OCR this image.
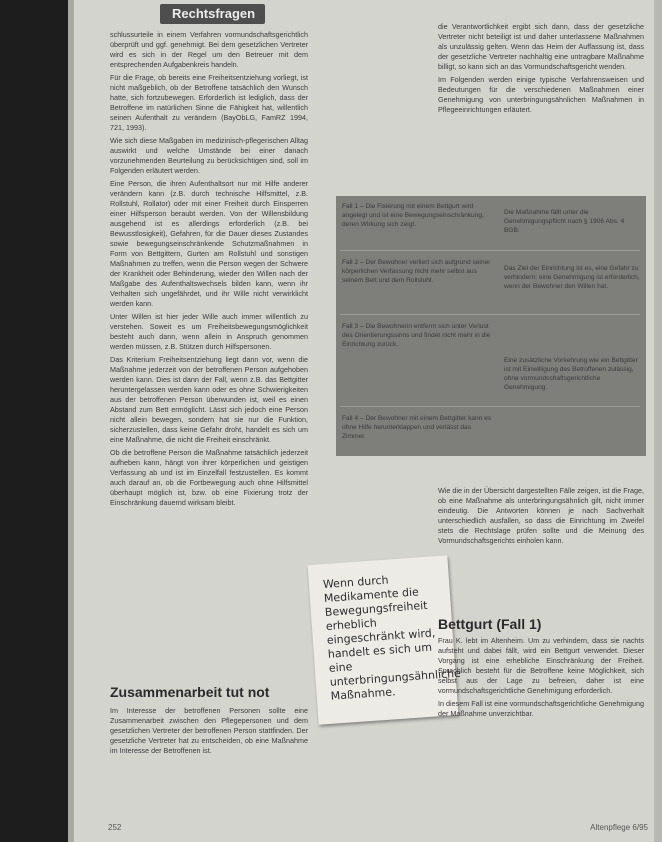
Rechtsfragen

schlussurteile in einem Verfahren vormundschaftsgerichtlich überprüft und ggf. genehmigt. Bei dem gesetzlichen Vertreter wird es sich in der Regel um den Betreuer mit dem entsprechenden Aufgabenkreis handeln.

Für die Frage, ob bereits eine Freiheitsentziehung vorliegt, ist nicht maßgeblich, ob der Betroffene tatsächlich den Wunsch hatte, sich fortzubewegen. Erforderlich ist lediglich, dass der Betroffene im natürlichen Sinne die Fähigkeit hat, willentlich seinen Aufenthalt zu verändern (BayObLG, FamRZ 1994, 721, 1993).

Wie sich diese Maßgaben im medizinisch-pflegerischen Alltag auswirkt und welche Umstände bei einer danach vorzunehmenden Beurteilung zu berücksichtigen sind, soll im Folgenden erläutert werden.

Eine Person, die ihren Aufenthaltsort nur mit Hilfe anderer verändern kann (z.B. durch technische Hilfsmittel, z.B. Rollstuhl, Rollator) oder mit einer Freiheit durch Einsperren einer Hilfsperson beraubt werden. Von der Willensbildung ausgehend ist es allerdings erforderlich (z.B. bei Bewusstlosigkeit), Gefahren, für die Dauer dieses Zustandes sowie bewegungseinschränkende Schutzmaßnahmen in Form von Bettgittern, Gurten am Rollstuhl und sonstigen Maßnahmen zu treffen, wenn die Person wegen der Schwere der Krankheit oder Behinderung, wieder den Willen nach der Maßgabe des Aufenthaltswechsels bilden kann, wenn ihr Verhalten sich ungefährdet, und ihr Wille nicht verwirklicht werden kann.

Unter Willen ist hier jeder Wille auch immer willentlich zu verstehen. Soweit es um Freiheitsbewegungsmöglichkeit besteht auch dann, wenn allein in Anspruch genommen werden müssen, z.B. Stützen durch Hilfspersonen.

Das Kriterium Freiheitsentziehung liegt dann vor, wenn die Maßnahme jederzeit von der betroffenen Person aufgehoben werden kann. Dies ist dann der Fall, wenn z.B. das Bettgitter heruntergelassen werden kann oder es ohne Schwierigkeiten aus der betroffenen Person überwunden ist, weil es einen Abstand zum Bett ermöglicht. Lässt sich jedoch eine Person nicht allein bewegen, sondern hat sie nur die Funktion, sicherzustellen, dass keine Gefahr droht, handelt es sich um eine Maßnahme, die nicht die Freiheit einschränkt.

Ob die betroffene Person die Maßnahme tatsächlich jederzeit aufheben kann, hängt von ihrer körperlichen und geistigen Verfassung ab und ist im Einzelfall festzustellen. Es kommt auch darauf an, ob die Fortbewegung auch ohne Hilfsmittel überhaupt möglich ist, bzw. ob eine Fixierung trotz der Einschränkung dauernd wirksam bleibt.

Zusammenarbeit tut not

Im Interesse der betroffenen Personen sollte eine Zusammenarbeit zwischen den Pflegepersonen und dem gesetzlichen Vertreter der betroffenen Person stattfinden. Der gesetzliche Vertreter hat zu entscheiden, ob eine Maßnahme im Interesse der Betroffenen ist.

die Verantwortlichkeit ergibt sich dann, dass der gesetzliche Vertreter nicht beteiligt ist und daher unterlassene Maßnahmen als unzulässig gelten. Wenn das Heim der Auffassung ist, dass der gesetzliche Vertreter nachhaltig eine untragbare Maßnahme billigt, so kann sich an das Vormundschaftsgericht wenden.

Im Folgenden werden einige typische Verfahrensweisen und Bedeutungen für die verschiedenen Maßnahmen einer Genehmigung von unterbringungsähnlichen Maßnahmen in Pflegeeinrichtungen erläutert.

Fall 1 – Die Fixierung mit einem Bettgurt wird angelegt und ist eine Bewegungseinschränkung, deren Wirkung sich zeigt.
Die Maßnahme fällt unter die Genehmigungspflicht nach § 1906 Abs. 4 BGB.
Fall 2 – Der Bewohner verliert sich aufgrund seiner körperlichen Verfassung nicht mehr selbst aus seinem Bett und dem Rollstuhl.
Das Ziel der Einrichtung ist es, eine Gefahr zu verhindern; eine Genehmigung ist erforderlich, wenn der Bewohner den Willen hat.
Fall 3 – Die Bewohnerin entfernt sich unter Verlust des Orientierungssinns und findet nicht mehr in die Einrichtung zurück.
Eine zusätzliche Vorkehrung wie ein Bettgitter ist mit Einwilligung des Betroffenen zulässig, ohne vormundschaftsgerichtliche Genehmigung.
Fall 4 – Der Bewohner mit einem Bettgitter kann es ohne Hilfe herunterklappen und verlässt das Zimmer.
Wenn durch Medikamente die Bewegungsfreiheit erheblich eingeschränkt wird, handelt es sich um eine unterbringungsähnliche Maßnahme.

Wie die in der Übersicht dargestellten Fälle zeigen, ist die Frage, ob eine Maßnahme als unterbringungsähnlich gilt, nicht immer eindeutig. Die Antworten können je nach Sachverhalt unterschiedlich ausfallen, so dass die Einrichtung im Zweifel stets die Rechtslage prüfen sollte und die Meinung des Vormundschaftsgerichts einholen kann.

Bettgurt (Fall 1)

Frau K. lebt im Altenheim. Um zu verhindern, dass sie nachts aufsteht und dabei fällt, wird ein Bettgurt verwendet. Dieser Vorgang ist eine erhebliche Einschränkung der Freiheit. Sprachlich besteht für die Betroffene keine Möglichkeit, sich selbst aus der Lage zu befreien, daher ist eine vormundschaftsgerichtliche Genehmigung erforderlich.

In diesem Fall ist eine vormundschaftsgerichtliche Genehmigung der Maßnahme unverzichtbar.

252	Altenpflege 6/95
